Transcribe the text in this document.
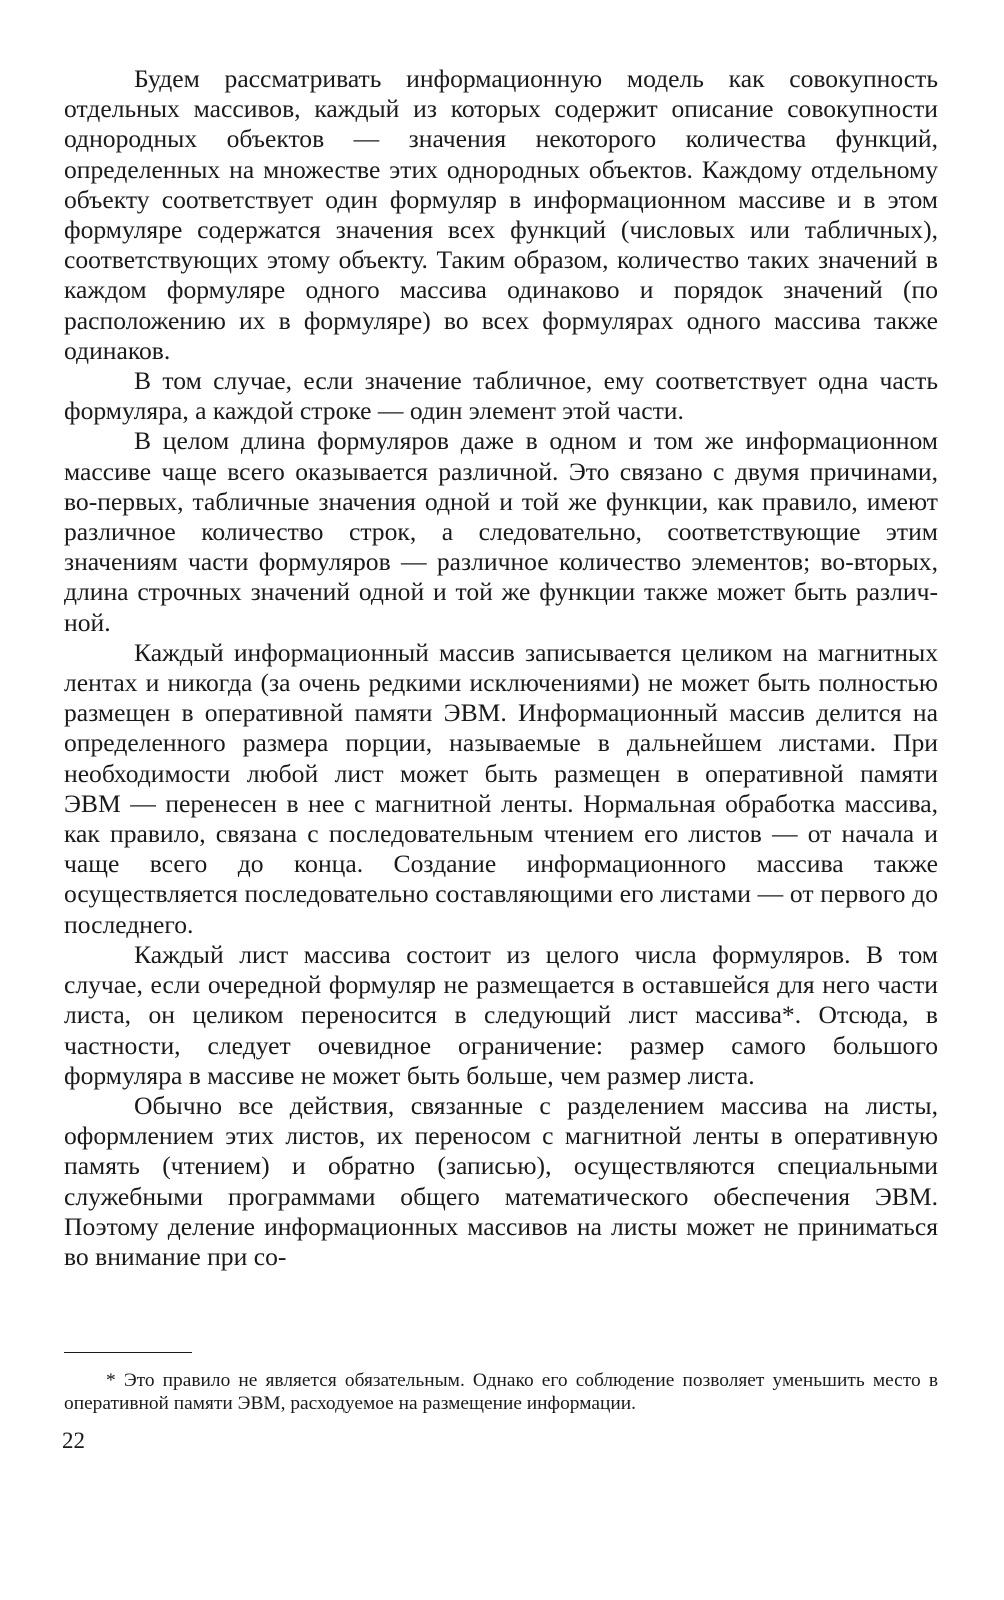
Будем рассматривать информационную модель как совокупность отдельных массивов, каждый из которых содержит описание совокупности однородных объектов — значения некоторого количества функций, определенных на множестве этих однородных объектов. Каждому отдельному объекту соответствует один формуляр в информационном массиве и в этом формуляре содержатся значения всех функций (числовых или табличных), соответствующих этому объекту. Таким образом, количество таких значений в каждом формуляре одного массива одинаково и порядок значений (по расположению их в формуляре) во всех формулярах одного массива также одинаков.

В том случае, если значение табличное, ему соответствует одна часть формуляра, а каждой строке — один элемент этой части.

В целом длина формуляров даже в одном и том же информационном массиве чаще всего оказывается различной. Это связано с двумя причинами, во-первых, табличные значения одной и той же функции, как правило, имеют различное количество строк, а следовательно, соответствующие этим значениям части формуляров — различное количество элементов; во-вторых, длина строчных значений одной и той же функции также может быть различной.

Каждый информационный массив записывается целиком на магнитных лентах и никогда (за очень редкими исключениями) не может быть полностью размещен в оперативной памяти ЭВМ. Информационный массив делится на определенного размера порции, называемые в дальнейшем листами. При необходимости любой лист может быть размещен в оперативной памяти ЭВМ — перенесен в нее с магнитной ленты. Нормальная обработка массива, как правило, связана с последовательным чтением его листов — от начала и чаще всего до конца. Создание информационного массива также осуществляется последовательно составляющими его листами — от первого до последнего.

Каждый лист массива состоит из целого числа формуляров. В том случае, если очередной формуляр не размещается в оставшейся для него части листа, он целиком переносится в следующий лист массива*. Отсюда, в частности, следует очевидное ограничение: размер самого большого формуляра в массиве не может быть больше, чем размер листа.

Обычно все действия, связанные с разделением массива на листы, оформлением этих листов, их переносом с магнитной ленты в оперативную память (чтением) и обратно (записью), осуществляются специальными служебными программами общего математического обеспечения ЭВМ. Поэтому деление информационных массивов на листы может не приниматься во внимание при со-

* Это правило не является обязательным. Однако его соблюдение позволяет уменьшить место в оперативной памяти ЭВМ, расходуемое на размещение информации.

22
